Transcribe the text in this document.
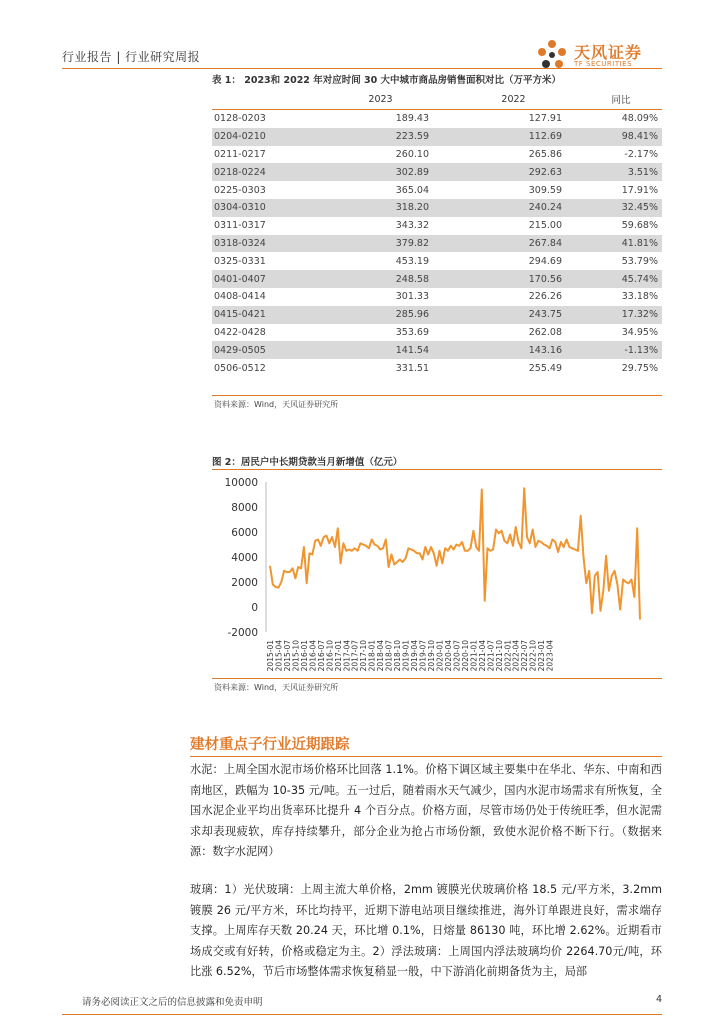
行业报告 | 行业研究周报	天风证券
TF SECURITIES
表 1： 2023和 2022 年对应时间 30 大中城市商品房销售面积对比（万平方米）
	2023	2022	同比
0128-0203	189.43	127.91	48.09%
0204-0210	223.59	112.69	98.41%
0211-0217	260.10	265.86	-2.17%
0218-0224	302.89	292.63	3.51%
0225-0303	365.04	309.59	17.91%
0304-0310	318.20	240.24	32.45%
0311-0317	343.32	215.00	59.68%
0318-0324	379.82	267.84	41.81%
0325-0331	453.19	294.69	53.79%
0401-0407	248.58	170.56	45.74%
0408-0414	301.33	226.26	33.18%
0415-0421	285.96	243.75	17.32%
0422-0428	353.69	262.08	34.95%
0429-0505	141.54	143.16	-1.13%
0506-0512	331.51	255.49	29.75%
资料来源：Wind，天风证券研究所
图 2：居民户中长期贷款当月新增值（亿元）
-2000
0
2000
4000
6000
8000
10000
2015-01 2015-04 2015-07 2015-10 2016-01 2016-04 2016-07 2016-10 2017-01 2017-04 2017-07 2017-10 2018-01 2018-04 2018-07 2018-10 2019-01 2019-04 2019-07 2019-10 2020-01 2020-04 2020-07 2020-10 2021-01 2021-04 2021-07 2021-10 2022-01 2022-04 2022-07 2022-10 2023-01 2023-04
资料来源：Wind，天风证券研究所
建材重点子行业近期跟踪
水泥：上周全国水泥市场价格环比回落 1.1%。价格下调区域主要集中在华北、华东、中南和西南地区，跌幅为 10-35 元/吨。五一过后，随着雨水天气减少，国内水泥市场需求有所恢复，全国水泥企业平均出货率环比提升 4 个百分点。价格方面，尽管市场仍处于传统旺季，但水泥需求却表现疲软，库存持续攀升，部分企业为抢占市场份额，致使水泥价格不断下行。（数据来源：数字水泥网）
玻璃：1）光伏玻璃：上周主流大单价格，2mm 镀膜光伏玻璃价格 18.5 元/平方米，3.2mm镀膜 26 元/平方米，环比均持平，近期下游电站项目继续推进，海外订单跟进良好，需求端存支撑。上周库存天数 20.24 天，环比增 0.1%，日熔量 86130 吨，环比增 2.62%。近期看市场成交或有好转，价格或稳定为主。2）浮法玻璃：上周国内浮法玻璃均价 2264.70元/吨，环比涨 6.52%，节后市场整体需求恢复稍显一般，中下游消化前期备货为主，局部
请务必阅读正文之后的信息披露和免责申明	4
